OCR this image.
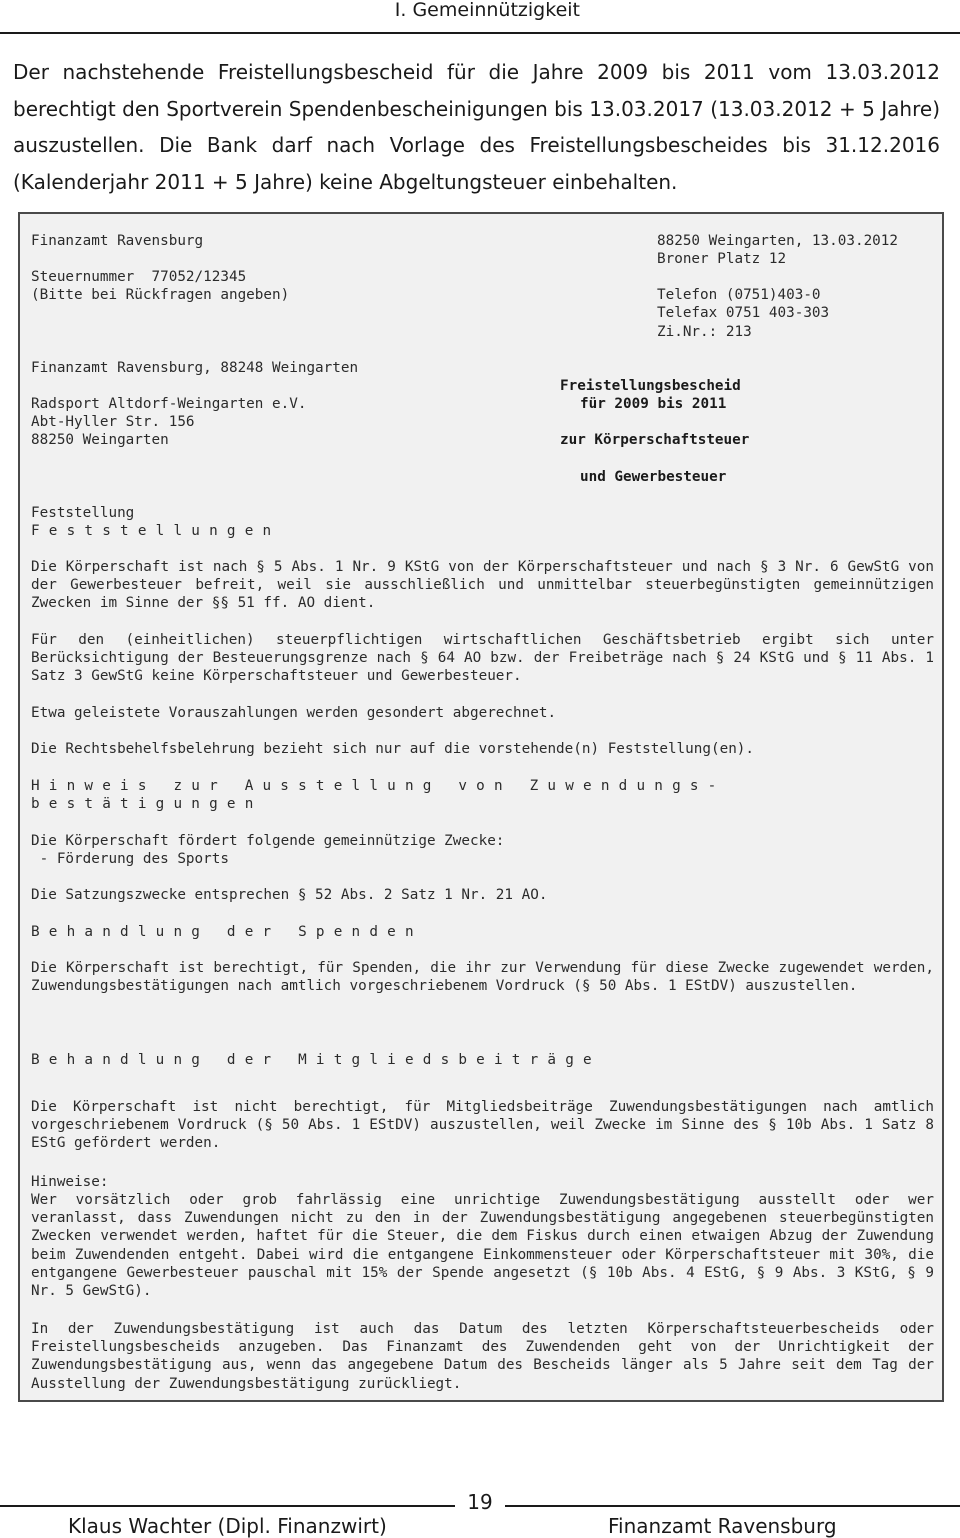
I. Gemeinnützigkeit
Der nachstehende Freistellungsbescheid für die Jahre 2009 bis 2011 vom 13.03.2012 berechtigt den Sportverein Spendenbescheinigungen bis 13.03.2017 (13.03.2012 + 5 Jahre) auszustellen. Die Bank darf nach Vorlage des Freistellungsbescheides bis 31.12.2016 (Kalenderjahr 2011 + 5 Jahre) keine Abgeltungsteuer einbehalten.
Finanzamt Ravensburg	88250 Weingarten, 13.03.2012
Broner Platz 12
Steuernummer  77052/12345
(Bitte bei Rückfragen angeben)	Telefon (0751)403-0
Telefax 0751 403-303
Zi.Nr.: 213
Finanzamt Ravensburg, 88248 Weingarten
Freistellungsbescheid
Radsport Altdorf-Weingarten e.V.	für 2009 bis 2011
Abt-Hyller Str. 156
88250 Weingarten	zur Körperschaftsteuer
und Gewerbesteuer
Feststellung
Feststellungen
Die Körperschaft ist nach § 5 Abs. 1 Nr. 9 KStG von der Körperschaftsteuer und nach § 3 Nr. 6 GewStG von der Gewerbesteuer befreit, weil sie ausschließlich und unmittelbar steuerbegünstigten gemeinnützigen Zwecken im Sinne der §§ 51 ff. AO dient.
Für den (einheitlichen) steuerpflichtigen wirtschaftlichen Geschäftsbetrieb ergibt sich unter Berücksichtigung der Besteuerungsgrenze nach § 64 AO bzw. der Freibeträge nach § 24 KStG und § 11 Abs. 1 Satz 3 GewStG keine Körperschaftsteuer und Gewerbesteuer.
Etwa geleistete Vorauszahlungen werden gesondert abgerechnet.
Die Rechtsbehelfsbelehrung bezieht sich nur auf die vorstehende(n) Feststellung(en).
Hinweis zur Ausstellung von Zuwendungs-
bestätigungen
Die Körperschaft fördert folgende gemeinnützige Zwecke:
- Förderung des Sports
Die Satzungszwecke entsprechen § 52 Abs. 2 Satz 1 Nr. 21 AO.
Behandlung der Spenden
Die Körperschaft ist berechtigt, für Spenden, die ihr zur Verwendung für diese Zwecke zugewendet werden, Zuwendungsbestätigungen nach amtlich vorgeschriebenem Vordruck (§ 50 Abs. 1 EStDV) auszustellen.
Behandlung der Mitgliedsbeiträge
Die Körperschaft ist nicht berechtigt, für Mitgliedsbeiträge Zuwendungsbestätigungen nach amtlich vorgeschriebenem Vordruck (§ 50 Abs. 1 EStDV) auszustellen, weil Zwecke im Sinne des § 10b Abs. 1 Satz 8 EStG gefördert werden.
Hinweise:
Wer vorsätzlich oder grob fahrlässig eine unrichtige Zuwendungsbestätigung ausstellt oder wer veranlasst, dass Zuwendungen nicht zu den in der Zuwendungsbestätigung angegebenen steuerbegünstigten Zwecken verwendet werden, haftet für die Steuer, die dem Fiskus durch einen etwaigen Abzug der Zuwendung beim Zuwendenden entgeht. Dabei wird die entgangene Einkommensteuer oder Körperschaftsteuer mit 30%, die entgangene Gewerbesteuer pauschal mit 15% der Spende angesetzt (§ 10b Abs. 4 EStG, § 9 Abs. 3 KStG, § 9 Nr. 5 GewStG).
In der Zuwendungsbestätigung ist auch das Datum des letzten Körperschaftsteuerbescheids oder Freistellungsbescheids anzugeben. Das Finanzamt des Zuwendenden geht von der Unrichtigkeit der Zuwendungsbestätigung aus, wenn das angegebene Datum des Bescheids länger als 5 Jahre seit dem Tag der Ausstellung der Zuwendungsbestätigung zurückliegt.
19
Klaus Wachter (Dipl. Finanzwirt)	Finanzamt Ravensburg
